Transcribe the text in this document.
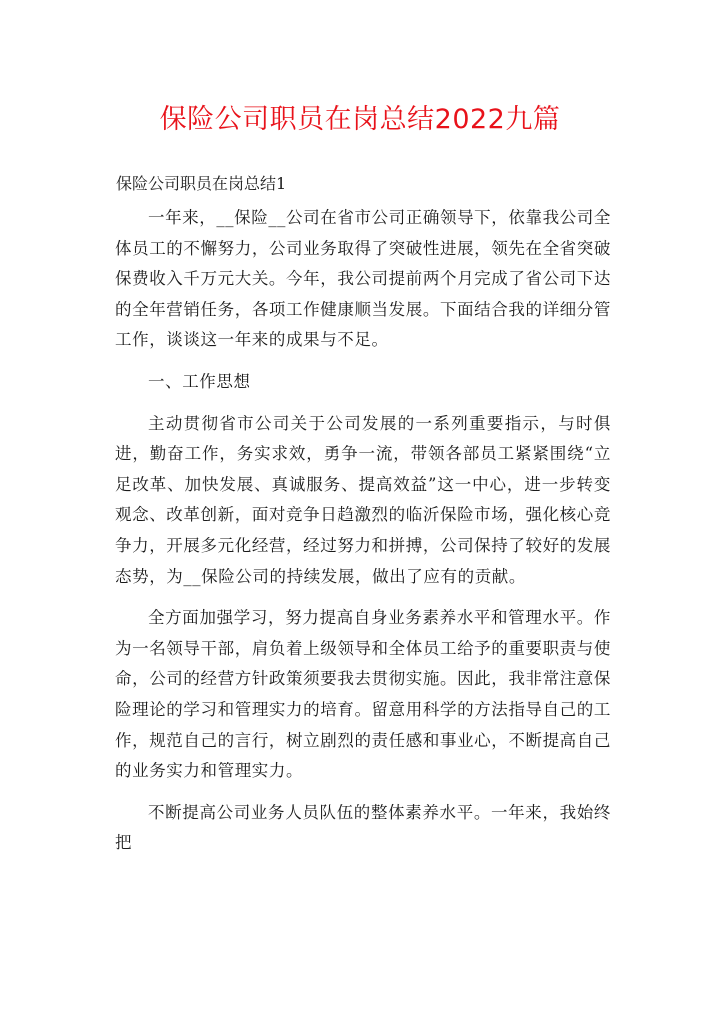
保险公司职员在岗总结2022九篇

保险公司职员在岗总结1

一年来，__保险__公司在省市公司正确领导下，依靠我公司全体员工的不懈努力，公司业务取得了突破性进展，领先在全省突破保费收入千万元大关。今年，我公司提前两个月完成了省公司下达的全年营销任务，各项工作健康顺当发展。下面结合我的详细分管工作，谈谈这一年来的成果与不足。

一、工作思想

主动贯彻省市公司关于公司发展的一系列重要指示，与时俱进，勤奋工作，务实求效，勇争一流，带领各部员工紧紧围绕“立足改革、加快发展、真诚服务、提高效益”这一中心，进一步转变观念、改革创新，面对竞争日趋激烈的临沂保险市场，强化核心竞争力，开展多元化经营，经过努力和拼搏，公司保持了较好的发展态势，为__保险公司的持续发展，做出了应有的贡献。

全方面加强学习，努力提高自身业务素养水平和管理水平。作为一名领导干部，肩负着上级领导和全体员工给予的重要职责与使命，公司的经营方针政策须要我去贯彻实施。因此，我非常注意保险理论的学习和管理实力的培育。留意用科学的方法指导自己的工作，规范自己的言行，树立剧烈的责任感和事业心，不断提高自己的业务实力和管理实力。

不断提高公司业务人员队伍的整体素养水平。一年来，我始终把
